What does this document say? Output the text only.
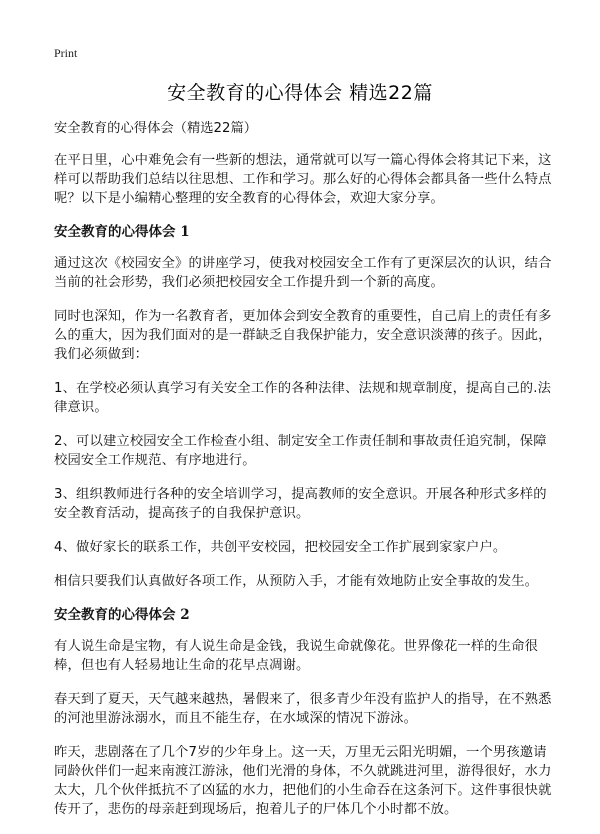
Print
安全教育的心得体会 精选22篇

安全教育的心得体会（精选22篇）

在平日里，心中难免会有一些新的想法，通常就可以写一篇心得体会将其记下来，这样可以帮助我们总结以往思想、工作和学习。那么好的心得体会都具备一些什么特点呢？以下是小编精心整理的安全教育的心得体会，欢迎大家分享。

安全教育的心得体会 1

通过这次《校园安全》的讲座学习，使我对校园安全工作有了更深层次的认识，结合当前的社会形势，我们必须把校园安全工作提升到一个新的高度。

同时也深知，作为一名教育者，更加体会到安全教育的重要性，自己肩上的责任有多么的重大，因为我们面对的是一群缺乏自我保护能力，安全意识淡薄的孩子。因此，我们必须做到：

1、在学校必须认真学习有关安全工作的各种法律、法规和规章制度，提高自己的.法律意识。

2、可以建立校园安全工作检查小组、制定安全工作责任制和事故责任追究制，保障校园安全工作规范、有序地进行。

3、组织教师进行各种的安全培训学习，提高教师的安全意识。开展各种形式多样的安全教育活动，提高孩子的自我保护意识。

4、做好家长的联系工作，共创平安校园，把校园安全工作扩展到家家户户。

相信只要我们认真做好各项工作，从预防入手，才能有效地防止安全事故的发生。

安全教育的心得体会 2

有人说生命是宝物，有人说生命是金钱，我说生命就像花。世界像花一样的生命很棒，但也有人轻易地让生命的花早点凋谢。

春天到了夏天，天气越来越热，暑假来了，很多青少年没有监护人的指导，在不熟悉的河池里游泳溺水，而且不能生存，在水域深的情况下游泳。

昨天，悲剧落在了几个7岁的少年身上。这一天，万里无云阳光明媚，一个男孩邀请同龄伙伴们一起来南渡江游泳，他们光滑的身体，不久就跳进河里，游得很好，水力太大，几个伙伴抵抗不了凶猛的水力，把他们的小生命吞在这条河下。这件事很快就传开了，悲伤的母亲赶到现场后，抱着儿子的尸体几个小时都不放。
